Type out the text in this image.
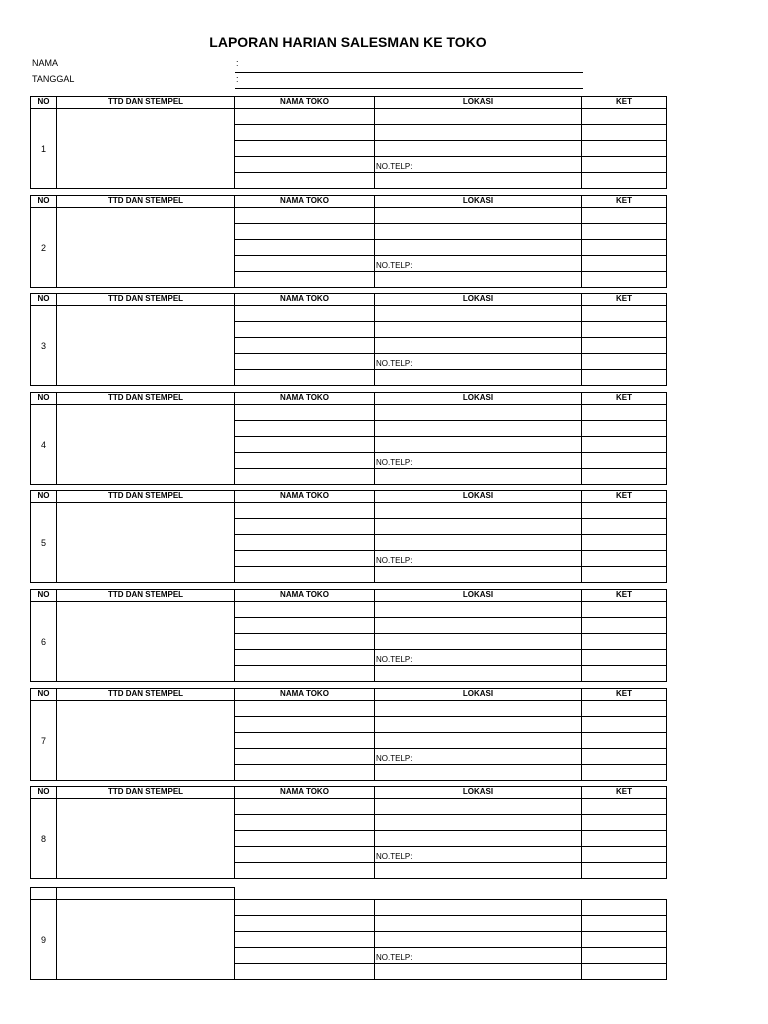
LAPORAN HARIAN SALESMAN KE TOKO
NAMA	:
TANGGAL	:
NO	TTD DAN STEMPEL	NAMA TOKO	LOKASI	KET
1				

			NO.TELP:	

NO	TTD DAN STEMPEL	NAMA TOKO	LOKASI	KET
2				

			NO.TELP:	

NO	TTD DAN STEMPEL	NAMA TOKO	LOKASI	KET
3				

			NO.TELP:	

NO	TTD DAN STEMPEL	NAMA TOKO	LOKASI	KET
4				

			NO.TELP:	

NO	TTD DAN STEMPEL	NAMA TOKO	LOKASI	KET
5				

			NO.TELP:	

NO	TTD DAN STEMPEL	NAMA TOKO	LOKASI	KET
6				

			NO.TELP:	

NO	TTD DAN STEMPEL	NAMA TOKO	LOKASI	KET
7				

			NO.TELP:	

NO	TTD DAN STEMPEL	NAMA TOKO	LOKASI	KET
8				

			NO.TELP:	

9				

			NO.TELP:	
